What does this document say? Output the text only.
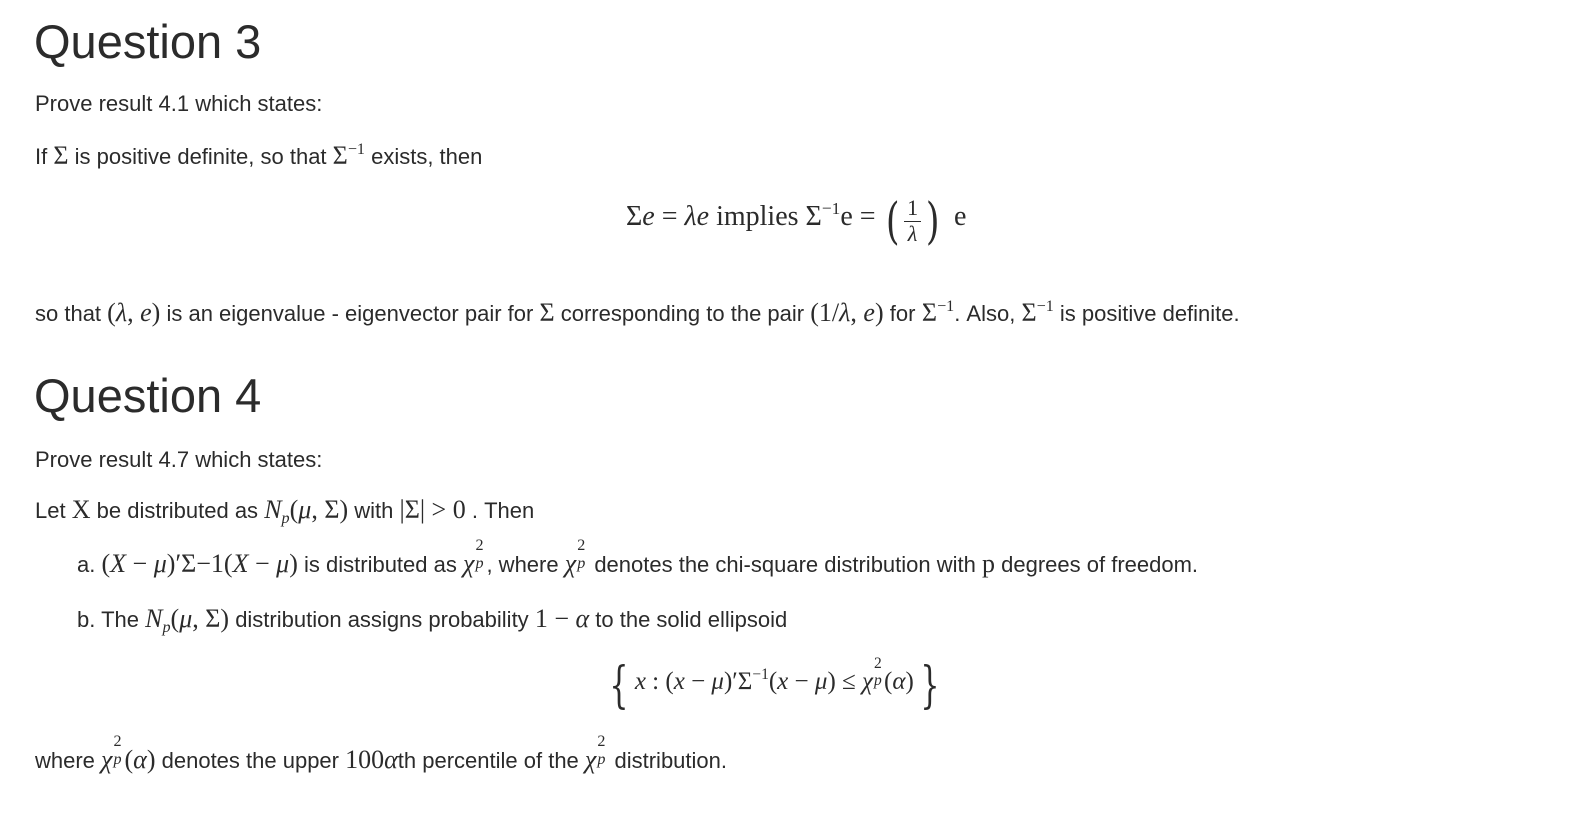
Question 3
Prove result 4.1 which states:
If Σ is positive definite, so that $\Sigma^{-1}$ exists, then
Σe = λe implies $\Sigma^{-1}e$ = ( $\frac{1}{\lambda}$ )  e
so that (λ, e) is an eigenvalue - eigenvector pair for Σ corresponding to the pair (1/λ, e) for $\Sigma^{-1}$. Also, $\Sigma^{-1}$ is positive definite.
Question 4
Prove result 4.7 which states:
Let X be distributed as $N_p(\mu$, Σ) with |Σ| > 0 . Then
a. (X − μ)′Σ−1(X − μ) is distributed as χ
2
p , where χ
2
p denotes the chi-square distribution with p degrees of freedom.
b. The $N_p(\mu$, Σ) distribution assigns probability 1 − α to the solid ellipsoid
{ x : $(x - \mu)'\Sigma^{-1}(x - \mu) \le \chi$
2
p (α) }
where χ
2
p (α) denotes the upper 100αth percentile of the χ
2
p distribution.
